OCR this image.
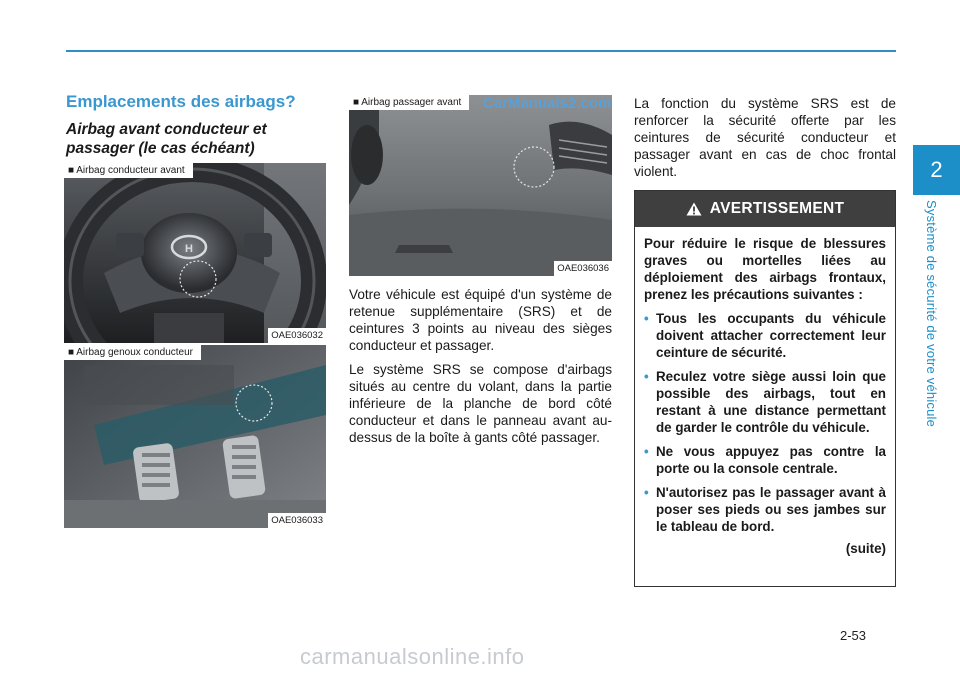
2
Système de sécurité de votre véhicule
Emplacements des airbags?
Airbag avant conducteur et passager (le cas échéant)
■ Airbag conducteur avant
H
OAE036032
■ Airbag genoux conducteur
OAE036033
■ Airbag passager avant	CarManuals2.com
OAE036036

Votre véhicule est équipé d'un système de retenue supplémentaire (SRS) et de ceintures 3 points au niveau des sièges conducteur et passager.

Le système SRS se compose d'airbags situés au centre du volant, dans la partie inférieure de la planche de bord côté conducteur et dans le panneau avant au-dessus de la boîte à gants côté passager.

La fonction du système SRS est de renforcer la sécurité offerte par les ceintures de sécurité conducteur et passager avant en cas de choc frontal violent.
AVERTISSEMENT

Pour réduire le risque de blessures graves ou mortelles liées au déploiement des airbags frontaux, prenez les précautions suivantes :

• Tous les occupants du véhicule doivent attacher correctement leur ceinture de sécurité.
• Reculez votre siège aussi loin que possible des airbags, tout en restant à une distance permettant de garder le contrôle du véhicule.
• Ne vous appuyez pas contre la porte ou la console centrale.
• N'autorisez pas le passager avant à poser ses pieds ou ses jambes sur le tableau de bord.
(suite)
2-53
carmanualsonline.info
